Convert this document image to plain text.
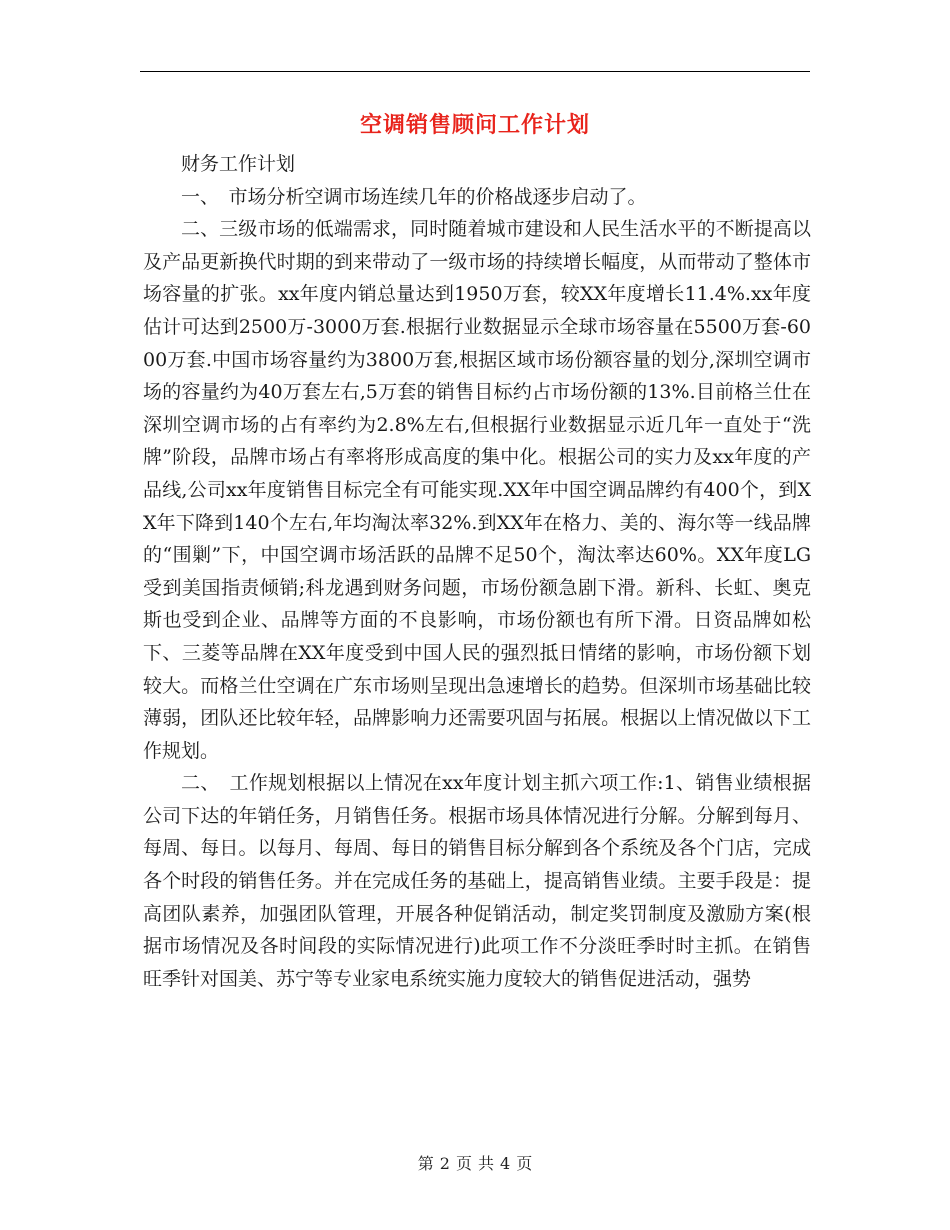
空调销售顾问工作计划

财务工作计划

一、　市场分析空调市场连续几年的价格战逐步启动了。

二、三级市场的低端需求，同时随着城市建设和人民生活水平的不断提高以及产品更新换代时期的到来带动了一级市场的持续增长幅度，从而带动了整体市场容量的扩张。xx年度内销总量达到1950万套，较XX年度增长11.4%.xx年度估计可达到2500万-3000万套.根据行业数据显示全球市场容量在5500万套-6000万套.中国市场容量约为3800万套,根据区域市场份额容量的划分,深圳空调市场的容量约为40万套左右,5万套的销售目标约占市场份额的13%.目前格兰仕在深圳空调市场的占有率约为2.8%左右,但根据行业数据显示近几年一直处于“洗牌”阶段，品牌市场占有率将形成高度的集中化。根据公司的实力及xx年度的产品线,公司xx年度销售目标完全有可能实现.XX年中国空调品牌约有400个，到XX年下降到140个左右,年均淘汰率32%.到XX年在格力、美的、海尔等一线品牌的“围剿”下，中国空调市场活跃的品牌不足50个，淘汰率达60%。XX年度LG受到美国指责倾销;科龙遇到财务问题，市场份额急剧下滑。新科、长虹、奥克斯也受到企业、品牌等方面的不良影响，市场份额也有所下滑。日资品牌如松下、三菱等品牌在XX年度受到中国人民的强烈抵日情绪的影响，市场份额下划较大。而格兰仕空调在广东市场则呈现出急速增长的趋势。但深圳市场基础比较薄弱，团队还比较年轻，品牌影响力还需要巩固与拓展。根据以上情况做以下工作规划。

二、　工作规划根据以上情况在xx年度计划主抓六项工作:1、销售业绩根据公司下达的年销任务，月销售任务。根据市场具体情况进行分解。分解到每月、每周、每日。以每月、每周、每日的销售目标分解到各个系统及各个门店，完成各个时段的销售任务。并在完成任务的基础上，提高销售业绩。主要手段是：提高团队素养，加强团队管理，开展各种促销活动，制定奖罚制度及激励方案(根据市场情况及各时间段的实际情况进行)此项工作不分淡旺季时时主抓。在销售旺季针对国美、苏宁等专业家电系统实施力度较大的销售促进活动，强势

第 2 页 共 4 页
